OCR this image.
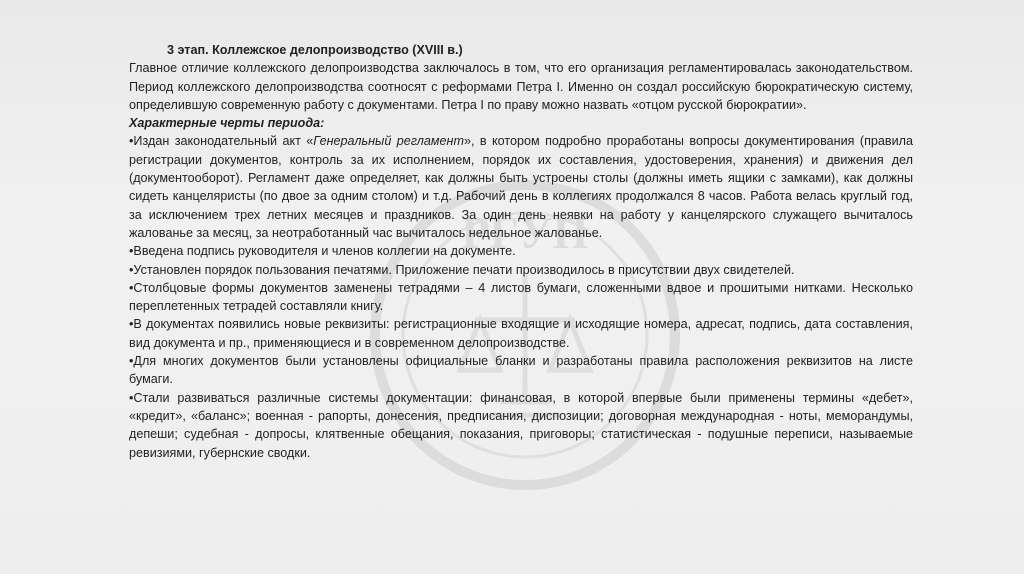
РГУП

3 этап. Коллежское делопроизводство (XVIII в.)

Главное отличие коллежского делопроизводства заключалось в том, что его организация регламентировалась законодательством. Период коллежского делопроизводства соотносят с реформами Петра I. Именно он создал российскую бюрократическую систему, определившую современную работу с документами. Петра I по праву можно назвать «отцом русской бюрократии».

Характерные черты периода:

• Издан законодательный акт «Генеральный регламент», в котором подробно проработаны вопросы документирования (правила регистрации документов, контроль за их исполнением, порядок их составления, удостоверения, хранения) и движения дел (документооборот). Регламент даже определяет, как должны быть устроены столы (должны иметь ящики с замками), как должны сидеть канцеляристы (по двое за одним столом) и т.д. Рабочий день в коллегиях продолжался 8 часов. Работа велась круглый год, за исключением трех летних месяцев и праздников. За один день неявки на работу у канцелярского служащего вычиталось жалованье за месяц, за неотработанный час вычиталось недельное жалованье.

• Введена подпись руководителя и членов коллегии на документе.

• Установлен порядок пользования печатями. Приложение печати производилось в присутствии двух свидетелей.

• Столбцовые формы документов заменены тетрадями – 4 листов бумаги, сложенными вдвое и прошитыми нитками. Несколько переплетенных тетрадей составляли книгу.

• В документах появились новые реквизиты: регистрационные входящие и исходящие номера, адресат, подпись, дата составления, вид документа и пр., применяющиеся и в современном делопроизводстве.

• Для многих документов были установлены официальные бланки и разработаны правила расположения реквизитов на листе бумаги.

• Стали развиваться различные системы документации: финансовая, в которой впервые были применены термины «дебет», «кредит», «баланс»; военная - рапорты, донесения, предписания, диспозиции; договорная международная - ноты, меморандумы, депеши; судебная - допросы, клятвенные обещания, показания, приговоры; статистическая - подушные переписи, называемые ревизиями, губернские сводки.
